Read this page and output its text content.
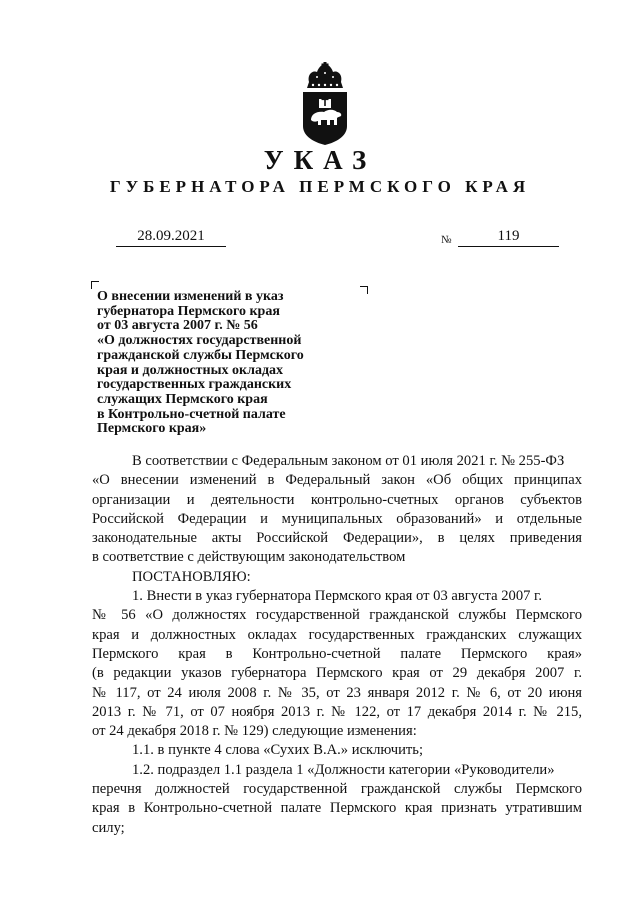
УКАЗ
ГУБЕРНАТОРА ПЕРМСКОГО КРАЯ
28.09.2021	№	119
О внесении изменений в указ
губернатора Пермского края
от 03 августа 2007 г. № 56
«О должностях государственной
гражданской службы Пермского
края и должностных окладах
государственных гражданских
служащих Пермского края
в Контрольно-счетной палате
Пермского края»
В соответствии с Федеральным законом от 01 июля 2021 г. № 255-ФЗ
«О внесении изменений в Федеральный закон «Об общих принципах
организации и деятельности контрольно-счетных органов субъектов
Российской Федерации и муниципальных образований» и отдельные
законодательные акты Российской Федерации», в целях приведения
в соответствие с действующим законодательством
ПОСТАНОВЛЯЮ:
1. Внести в указ губернатора Пермского края от 03 августа 2007 г.
№ 56 «О должностях государственной гражданской службы Пермского
края и должностных окладах государственных гражданских служащих
Пермского края в Контрольно-счетной палате Пермского края»
(в редакции указов губернатора Пермского края от 29 декабря 2007 г.
№ 117, от 24 июля 2008 г. № 35, от 23 января 2012 г. № 6, от 20 июня
2013 г. № 71, от 07 ноября 2013 г. № 122, от 17 декабря 2014 г. № 215,
от 24 декабря 2018 г. № 129) следующие изменения:
1.1. в пункте 4 слова «Сухих В.А.» исключить;
1.2. подраздел 1.1 раздела 1 «Должности категории «Руководители»
перечня должностей государственной гражданской службы Пермского
края в Контрольно-счетной палате Пермского края признать утратившим
силу;
